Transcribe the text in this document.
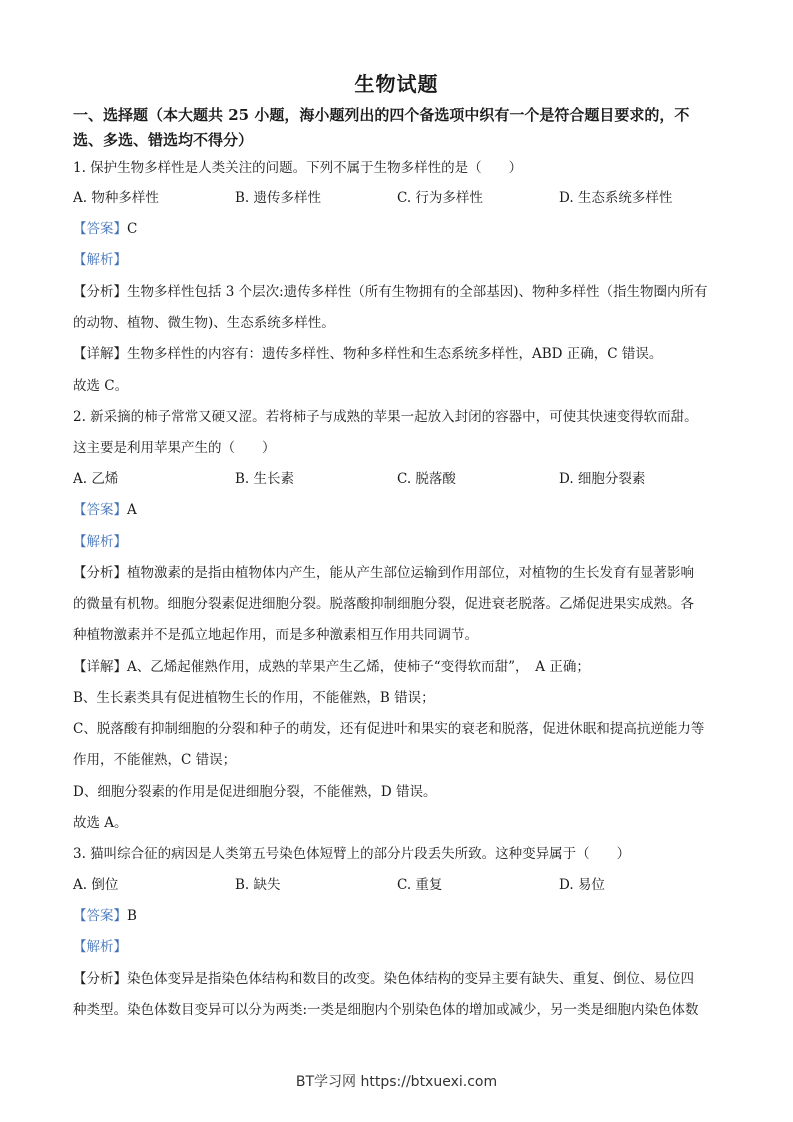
生物试题
一、选择题（本大题共 25 小题，海小题列出的四个备选项中织有一个是符合题目要求的，不
选、多选、错选均不得分）
1. 保护生物多样性是人类关注的问题。下列不属于生物多样性的是（　　）
A. 物种多样性	B. 遗传多样性	C. 行为多样性	D. 生态系统多样性
【答案】C
【解析】
【分析】生物多样性包括 3 个层次:遗传多样性（所有生物拥有的全部基因)、物种多样性（指生物圈内所有
的动物、植物、微生物)、生态系统多样性。
【详解】生物多样性的内容有：遗传多样性、物种多样性和生态系统多样性，ABD 正确，C 错误。
故选 C。
2. 新采摘的柿子常常又硬又涩。若将柿子与成熟的苹果一起放入封闭的容器中，可使其快速变得软而甜。
这主要是利用苹果产生的（　　）
A. 乙烯	B. 生长素	C. 脱落酸	D. 细胞分裂素
【答案】A
【解析】
【分析】植物激素的是指由植物体内产生，能从产生部位运输到作用部位，对植物的生长发育有显著影响
的微量有机物。细胞分裂素促进细胞分裂。脱落酸抑制细胞分裂，促进衰老脱落。乙烯促进果实成熟。各
种植物激素并不是孤立地起作用，而是多种激素相互作用共同调节。
【详解】A、乙烯起催熟作用，成熟的苹果产生乙烯，使柿子“变得软而甜”，　A 正确；
B、生长素类具有促进植物生长的作用，不能催熟，B 错误；
C、脱落酸有抑制细胞的分裂和种子的萌发，还有促进叶和果实的衰老和脱落，促进休眠和提高抗逆能力等
作用，不能催熟，C 错误；
D、细胞分裂素的作用是促进细胞分裂，不能催熟，D 错误。
故选 A。
3. 猫叫综合征的病因是人类第五号染色体短臂上的部分片段丢失所致。这种变异属于（　　）
A. 倒位	B. 缺失	C. 重复	D. 易位
【答案】B
【解析】
【分析】染色体变异是指染色体结构和数目的改变。染色体结构的变异主要有缺失、重复、倒位、易位四
种类型。染色体数目变异可以分为两类:一类是细胞内个别染色体的增加或减少，另一类是细胞内染色体数
BT学习网 https://btxuexi.com
